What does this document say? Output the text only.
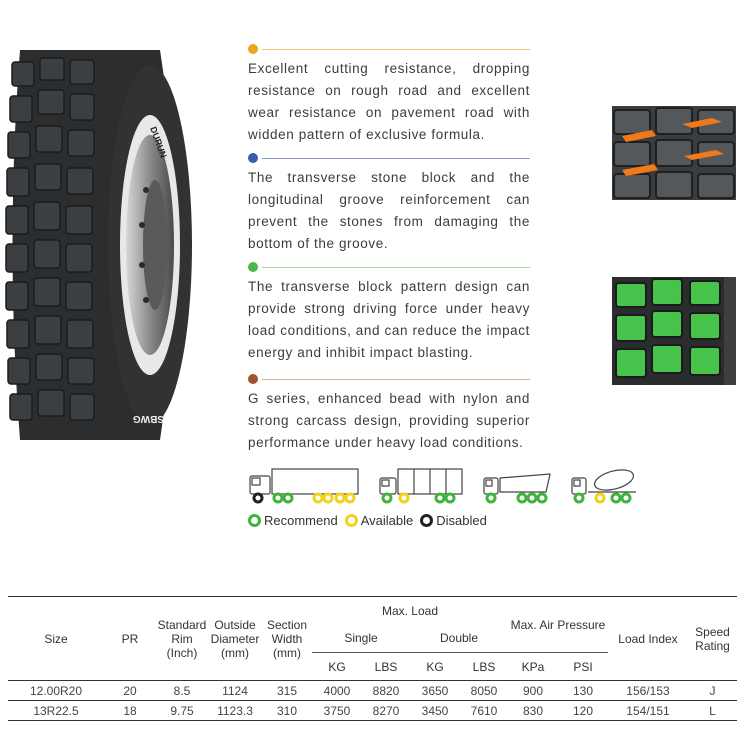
DURUN
SBWG
Excellent cutting resistance, dropping resistance on rough road and excellent wear resistance on pavement road with widden pattern of exclusive formula.
The transverse stone block and the longitudinal groove reinforcement can prevent the stones from damaging the bottom of the groove.
The transverse block pattern design can provide strong driving force under heavy load conditions, and can reduce the impact energy and inhibit impact blasting.
G series, enhanced bead with nylon and strong carcass design, providing superior performance under heavy load conditions.
Recommend Available Disabled
Size	PR	Standard Rim (Inch)	Outside Diameter (mm)	Section Width (mm)	Max. Load				Max. Air Pressure		Load Index	Speed Rating
					Single		Double					
					KG	LBS	KG	LBS	KPa	PSI		
12.00R20	20	8.5	1124	315	4000	8820	3650	8050	900	130	156/153	J
13R22.5	18	9.75	1123.3	310	3750	8270	3450	7610	830	120	154/151	L
